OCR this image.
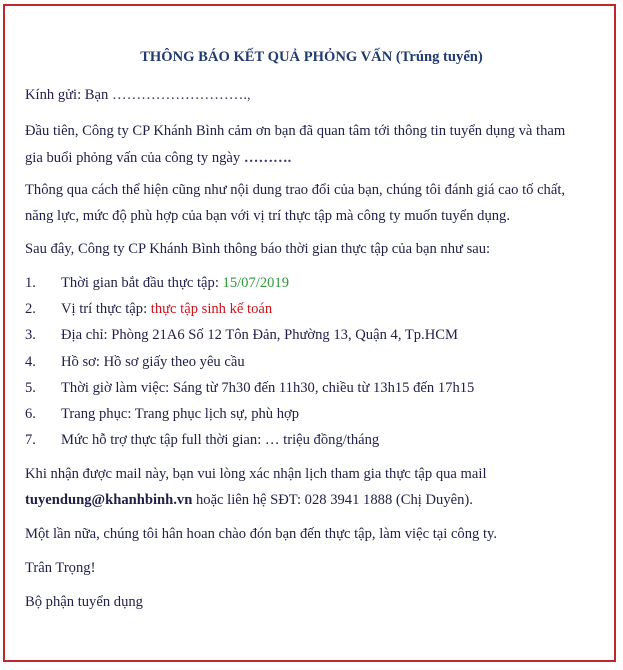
THÔNG BÁO KẾT QUẢ PHỎNG VẤN (Trúng tuyển)
Kính gửi: Bạn ……………………….,
Đầu tiên, Công ty CP Khánh Bình cảm ơn bạn đã quan tâm tới thông tin tuyển dụng và tham
gia buổi phỏng vấn của công ty ngày ……….
Thông qua cách thể hiện cũng như nội dung trao đổi của bạn, chúng tôi đánh giá cao tố chất,
năng lực, mức độ phù hợp của bạn với vị trí thực tập mà công ty muốn tuyển dụng.
Sau đây, Công ty CP Khánh Bình thông báo thời gian thực tập của bạn như sau:
1. Thời gian bắt đầu thực tập: 15/07/2019
2. Vị trí thực tập: thực tập sinh kế toán
3. Địa chỉ: Phòng 21A6 Số 12 Tôn Đản, Phường 13, Quận 4, Tp.HCM
4. Hồ sơ: Hồ sơ giấy theo yêu cầu
5. Thời giờ làm việc: Sáng từ 7h30 đến 11h30, chiều từ 13h15 đến 17h15
6. Trang phục: Trang phục lịch sự, phù hợp
7. Mức hỗ trợ thực tập full thời gian: … triệu đồng/tháng
Khi nhận được mail này, bạn vui lòng xác nhận lịch tham gia thực tập qua mail
tuyendung@khanhbinh.vn hoặc liên hệ SĐT: 028 3941 1888 (Chị Duyên).
Một lần nữa, chúng tôi hân hoan chào đón bạn đến thực tập, làm việc tại công ty.
Trân Trọng!
Bộ phận tuyển dụng
